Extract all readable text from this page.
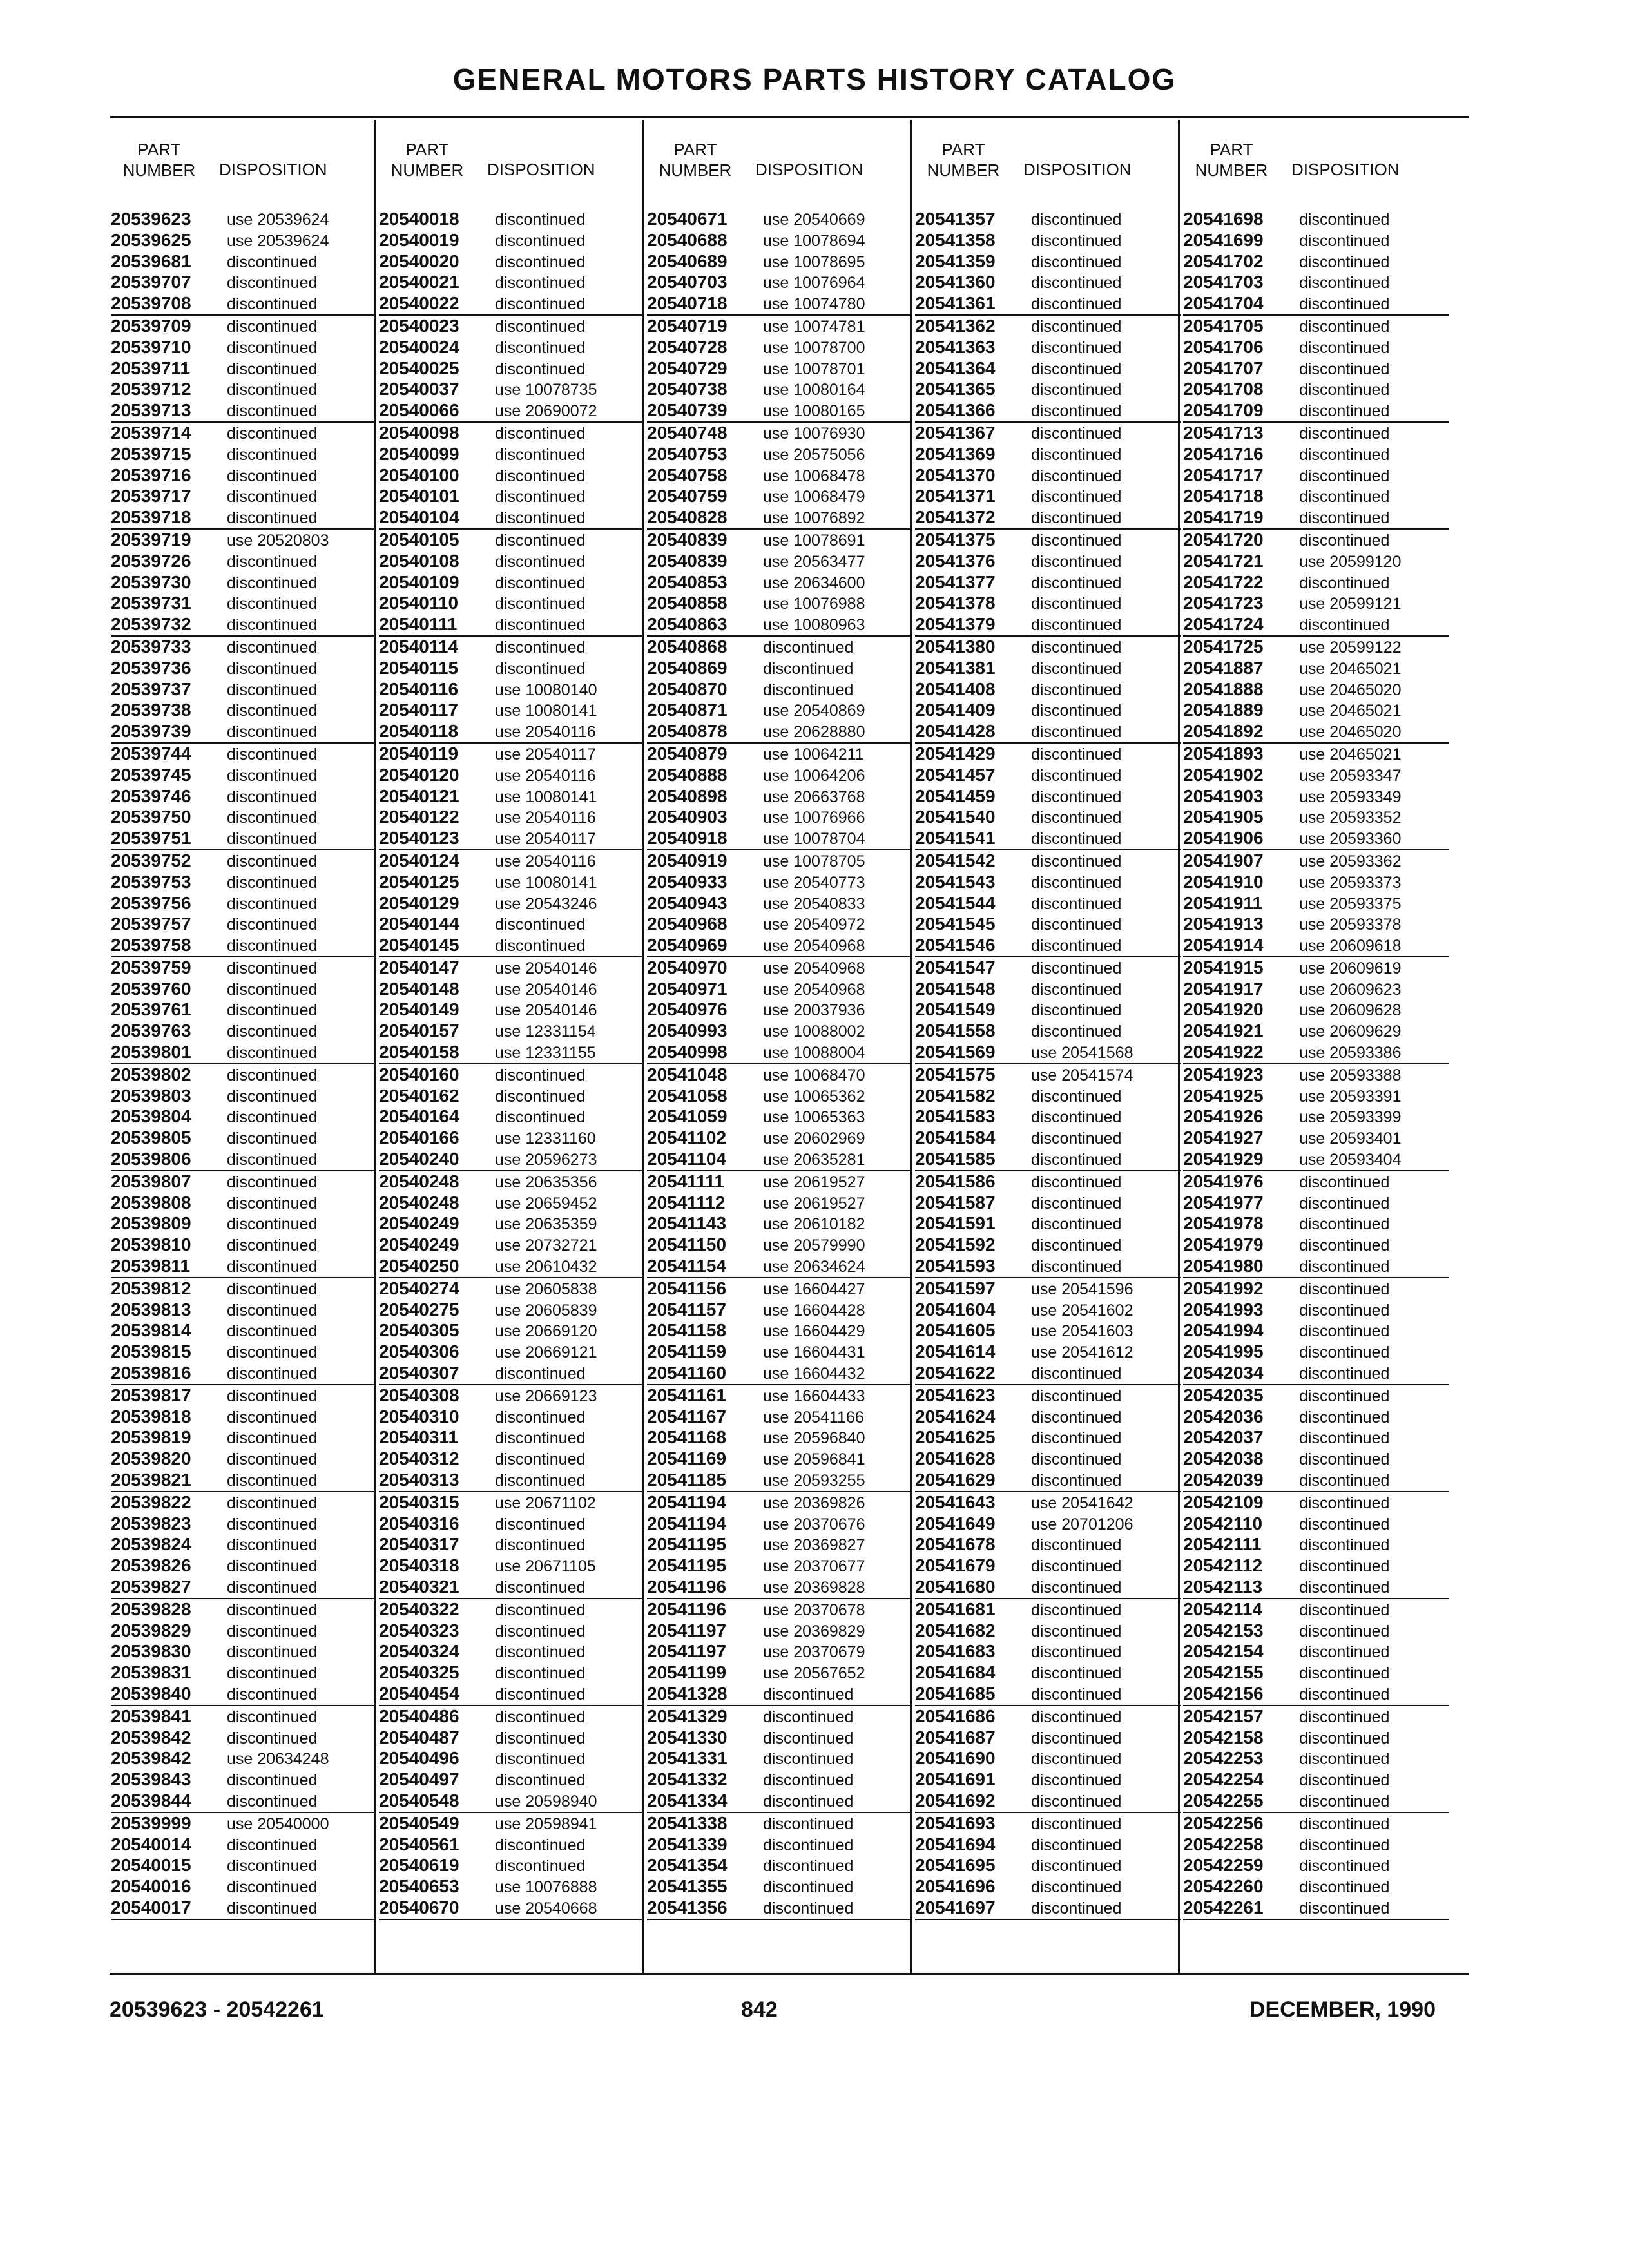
GENERAL MOTORS PARTS HISTORY CATALOG
PART
NUMBER	DISPOSITION
20539623 use 20539624
20539625 use 20539624
20539681 discontinued
20539707 discontinued
20539708 discontinued
20539709 discontinued
20539710 discontinued
20539711 discontinued
20539712 discontinued
20539713 discontinued
20539714 discontinued
20539715 discontinued
20539716 discontinued
20539717 discontinued
20539718 discontinued
20539719 use 20520803
20539726 discontinued
20539730 discontinued
20539731 discontinued
20539732 discontinued
20539733 discontinued
20539736 discontinued
20539737 discontinued
20539738 discontinued
20539739 discontinued
20539744 discontinued
20539745 discontinued
20539746 discontinued
20539750 discontinued
20539751 discontinued
20539752 discontinued
20539753 discontinued
20539756 discontinued
20539757 discontinued
20539758 discontinued
20539759 discontinued
20539760 discontinued
20539761 discontinued
20539763 discontinued
20539801 discontinued
20539802 discontinued
20539803 discontinued
20539804 discontinued
20539805 discontinued
20539806 discontinued
20539807 discontinued
20539808 discontinued
20539809 discontinued
20539810 discontinued
20539811 discontinued
20539812 discontinued
20539813 discontinued
20539814 discontinued
20539815 discontinued
20539816 discontinued
20539817 discontinued
20539818 discontinued
20539819 discontinued
20539820 discontinued
20539821 discontinued
20539822 discontinued
20539823 discontinued
20539824 discontinued
20539826 discontinued
20539827 discontinued
20539828 discontinued
20539829 discontinued
20539830 discontinued
20539831 discontinued
20539840 discontinued
20539841 discontinued
20539842 discontinued
20539842 use 20634248
20539843 discontinued
20539844 discontinued
20539999 use 20540000
20540014 discontinued
20540015 discontinued
20540016 discontinued
20540017 discontinued
PART
NUMBER	DISPOSITION
20540018 discontinued
20540019 discontinued
20540020 discontinued
20540021 discontinued
20540022 discontinued
20540023 discontinued
20540024 discontinued
20540025 discontinued
20540037 use 10078735
20540066 use 20690072
20540098 discontinued
20540099 discontinued
20540100 discontinued
20540101 discontinued
20540104 discontinued
20540105 discontinued
20540108 discontinued
20540109 discontinued
20540110 discontinued
20540111 discontinued
20540114 discontinued
20540115 discontinued
20540116 use 10080140
20540117 use 10080141
20540118 use 20540116
20540119 use 20540117
20540120 use 20540116
20540121 use 10080141
20540122 use 20540116
20540123 use 20540117
20540124 use 20540116
20540125 use 10080141
20540129 use 20543246
20540144 discontinued
20540145 discontinued
20540147 use 20540146
20540148 use 20540146
20540149 use 20540146
20540157 use 12331154
20540158 use 12331155
20540160 discontinued
20540162 discontinued
20540164 discontinued
20540166 use 12331160
20540240 use 20596273
20540248 use 20635356
20540248 use 20659452
20540249 use 20635359
20540249 use 20732721
20540250 use 20610432
20540274 use 20605838
20540275 use 20605839
20540305 use 20669120
20540306 use 20669121
20540307 discontinued
20540308 use 20669123
20540310 discontinued
20540311 discontinued
20540312 discontinued
20540313 discontinued
20540315 use 20671102
20540316 discontinued
20540317 discontinued
20540318 use 20671105
20540321 discontinued
20540322 discontinued
20540323 discontinued
20540324 discontinued
20540325 discontinued
20540454 discontinued
20540486 discontinued
20540487 discontinued
20540496 discontinued
20540497 discontinued
20540548 use 20598940
20540549 use 20598941
20540561 discontinued
20540619 discontinued
20540653 use 10076888
20540670 use 20540668
PART
NUMBER	DISPOSITION
20540671 use 20540669
20540688 use 10078694
20540689 use 10078695
20540703 use 10076964
20540718 use 10074780
20540719 use 10074781
20540728 use 10078700
20540729 use 10078701
20540738 use 10080164
20540739 use 10080165
20540748 use 10076930
20540753 use 20575056
20540758 use 10068478
20540759 use 10068479
20540828 use 10076892
20540839 use 10078691
20540839 use 20563477
20540853 use 20634600
20540858 use 10076988
20540863 use 10080963
20540868 discontinued
20540869 discontinued
20540870 discontinued
20540871 use 20540869
20540878 use 20628880
20540879 use 10064211
20540888 use 10064206
20540898 use 20663768
20540903 use 10076966
20540918 use 10078704
20540919 use 10078705
20540933 use 20540773
20540943 use 20540833
20540968 use 20540972
20540969 use 20540968
20540970 use 20540968
20540971 use 20540968
20540976 use 20037936
20540993 use 10088002
20540998 use 10088004
20541048 use 10068470
20541058 use 10065362
20541059 use 10065363
20541102 use 20602969
20541104 use 20635281
20541111 use 20619527
20541112 use 20619527
20541143 use 20610182
20541150 use 20579990
20541154 use 20634624
20541156 use 16604427
20541157 use 16604428
20541158 use 16604429
20541159 use 16604431
20541160 use 16604432
20541161 use 16604433
20541167 use 20541166
20541168 use 20596840
20541169 use 20596841
20541185 use 20593255
20541194 use 20369826
20541194 use 20370676
20541195 use 20369827
20541195 use 20370677
20541196 use 20369828
20541196 use 20370678
20541197 use 20369829
20541197 use 20370679
20541199 use 20567652
20541328 discontinued
20541329 discontinued
20541330 discontinued
20541331 discontinued
20541332 discontinued
20541334 discontinued
20541338 discontinued
20541339 discontinued
20541354 discontinued
20541355 discontinued
20541356 discontinued
PART
NUMBER	DISPOSITION
20541357 discontinued
20541358 discontinued
20541359 discontinued
20541360 discontinued
20541361 discontinued
20541362 discontinued
20541363 discontinued
20541364 discontinued
20541365 discontinued
20541366 discontinued
20541367 discontinued
20541369 discontinued
20541370 discontinued
20541371 discontinued
20541372 discontinued
20541375 discontinued
20541376 discontinued
20541377 discontinued
20541378 discontinued
20541379 discontinued
20541380 discontinued
20541381 discontinued
20541408 discontinued
20541409 discontinued
20541428 discontinued
20541429 discontinued
20541457 discontinued
20541459 discontinued
20541540 discontinued
20541541 discontinued
20541542 discontinued
20541543 discontinued
20541544 discontinued
20541545 discontinued
20541546 discontinued
20541547 discontinued
20541548 discontinued
20541549 discontinued
20541558 discontinued
20541569 use 20541568
20541575 use 20541574
20541582 discontinued
20541583 discontinued
20541584 discontinued
20541585 discontinued
20541586 discontinued
20541587 discontinued
20541591 discontinued
20541592 discontinued
20541593 discontinued
20541597 use 20541596
20541604 use 20541602
20541605 use 20541603
20541614 use 20541612
20541622 discontinued
20541623 discontinued
20541624 discontinued
20541625 discontinued
20541628 discontinued
20541629 discontinued
20541643 use 20541642
20541649 use 20701206
20541678 discontinued
20541679 discontinued
20541680 discontinued
20541681 discontinued
20541682 discontinued
20541683 discontinued
20541684 discontinued
20541685 discontinued
20541686 discontinued
20541687 discontinued
20541690 discontinued
20541691 discontinued
20541692 discontinued
20541693 discontinued
20541694 discontinued
20541695 discontinued
20541696 discontinued
20541697 discontinued
PART
NUMBER	DISPOSITION
20541698 discontinued
20541699 discontinued
20541702 discontinued
20541703 discontinued
20541704 discontinued
20541705 discontinued
20541706 discontinued
20541707 discontinued
20541708 discontinued
20541709 discontinued
20541713 discontinued
20541716 discontinued
20541717 discontinued
20541718 discontinued
20541719 discontinued
20541720 discontinued
20541721 use 20599120
20541722 discontinued
20541723 use 20599121
20541724 discontinued
20541725 use 20599122
20541887 use 20465021
20541888 use 20465020
20541889 use 20465021
20541892 use 20465020
20541893 use 20465021
20541902 use 20593347
20541903 use 20593349
20541905 use 20593352
20541906 use 20593360
20541907 use 20593362
20541910 use 20593373
20541911 use 20593375
20541913 use 20593378
20541914 use 20609618
20541915 use 20609619
20541917 use 20609623
20541920 use 20609628
20541921 use 20609629
20541922 use 20593386
20541923 use 20593388
20541925 use 20593391
20541926 use 20593399
20541927 use 20593401
20541929 use 20593404
20541976 discontinued
20541977 discontinued
20541978 discontinued
20541979 discontinued
20541980 discontinued
20541992 discontinued
20541993 discontinued
20541994 discontinued
20541995 discontinued
20542034 discontinued
20542035 discontinued
20542036 discontinued
20542037 discontinued
20542038 discontinued
20542039 discontinued
20542109 discontinued
20542110 discontinued
20542111 discontinued
20542112 discontinued
20542113 discontinued
20542114 discontinued
20542153 discontinued
20542154 discontinued
20542155 discontinued
20542156 discontinued
20542157 discontinued
20542158 discontinued
20542253 discontinued
20542254 discontinued
20542255 discontinued
20542256 discontinued
20542258 discontinued
20542259 discontinued
20542260 discontinued
20542261 discontinued
20539623 - 20542261	842	DECEMBER, 1990
